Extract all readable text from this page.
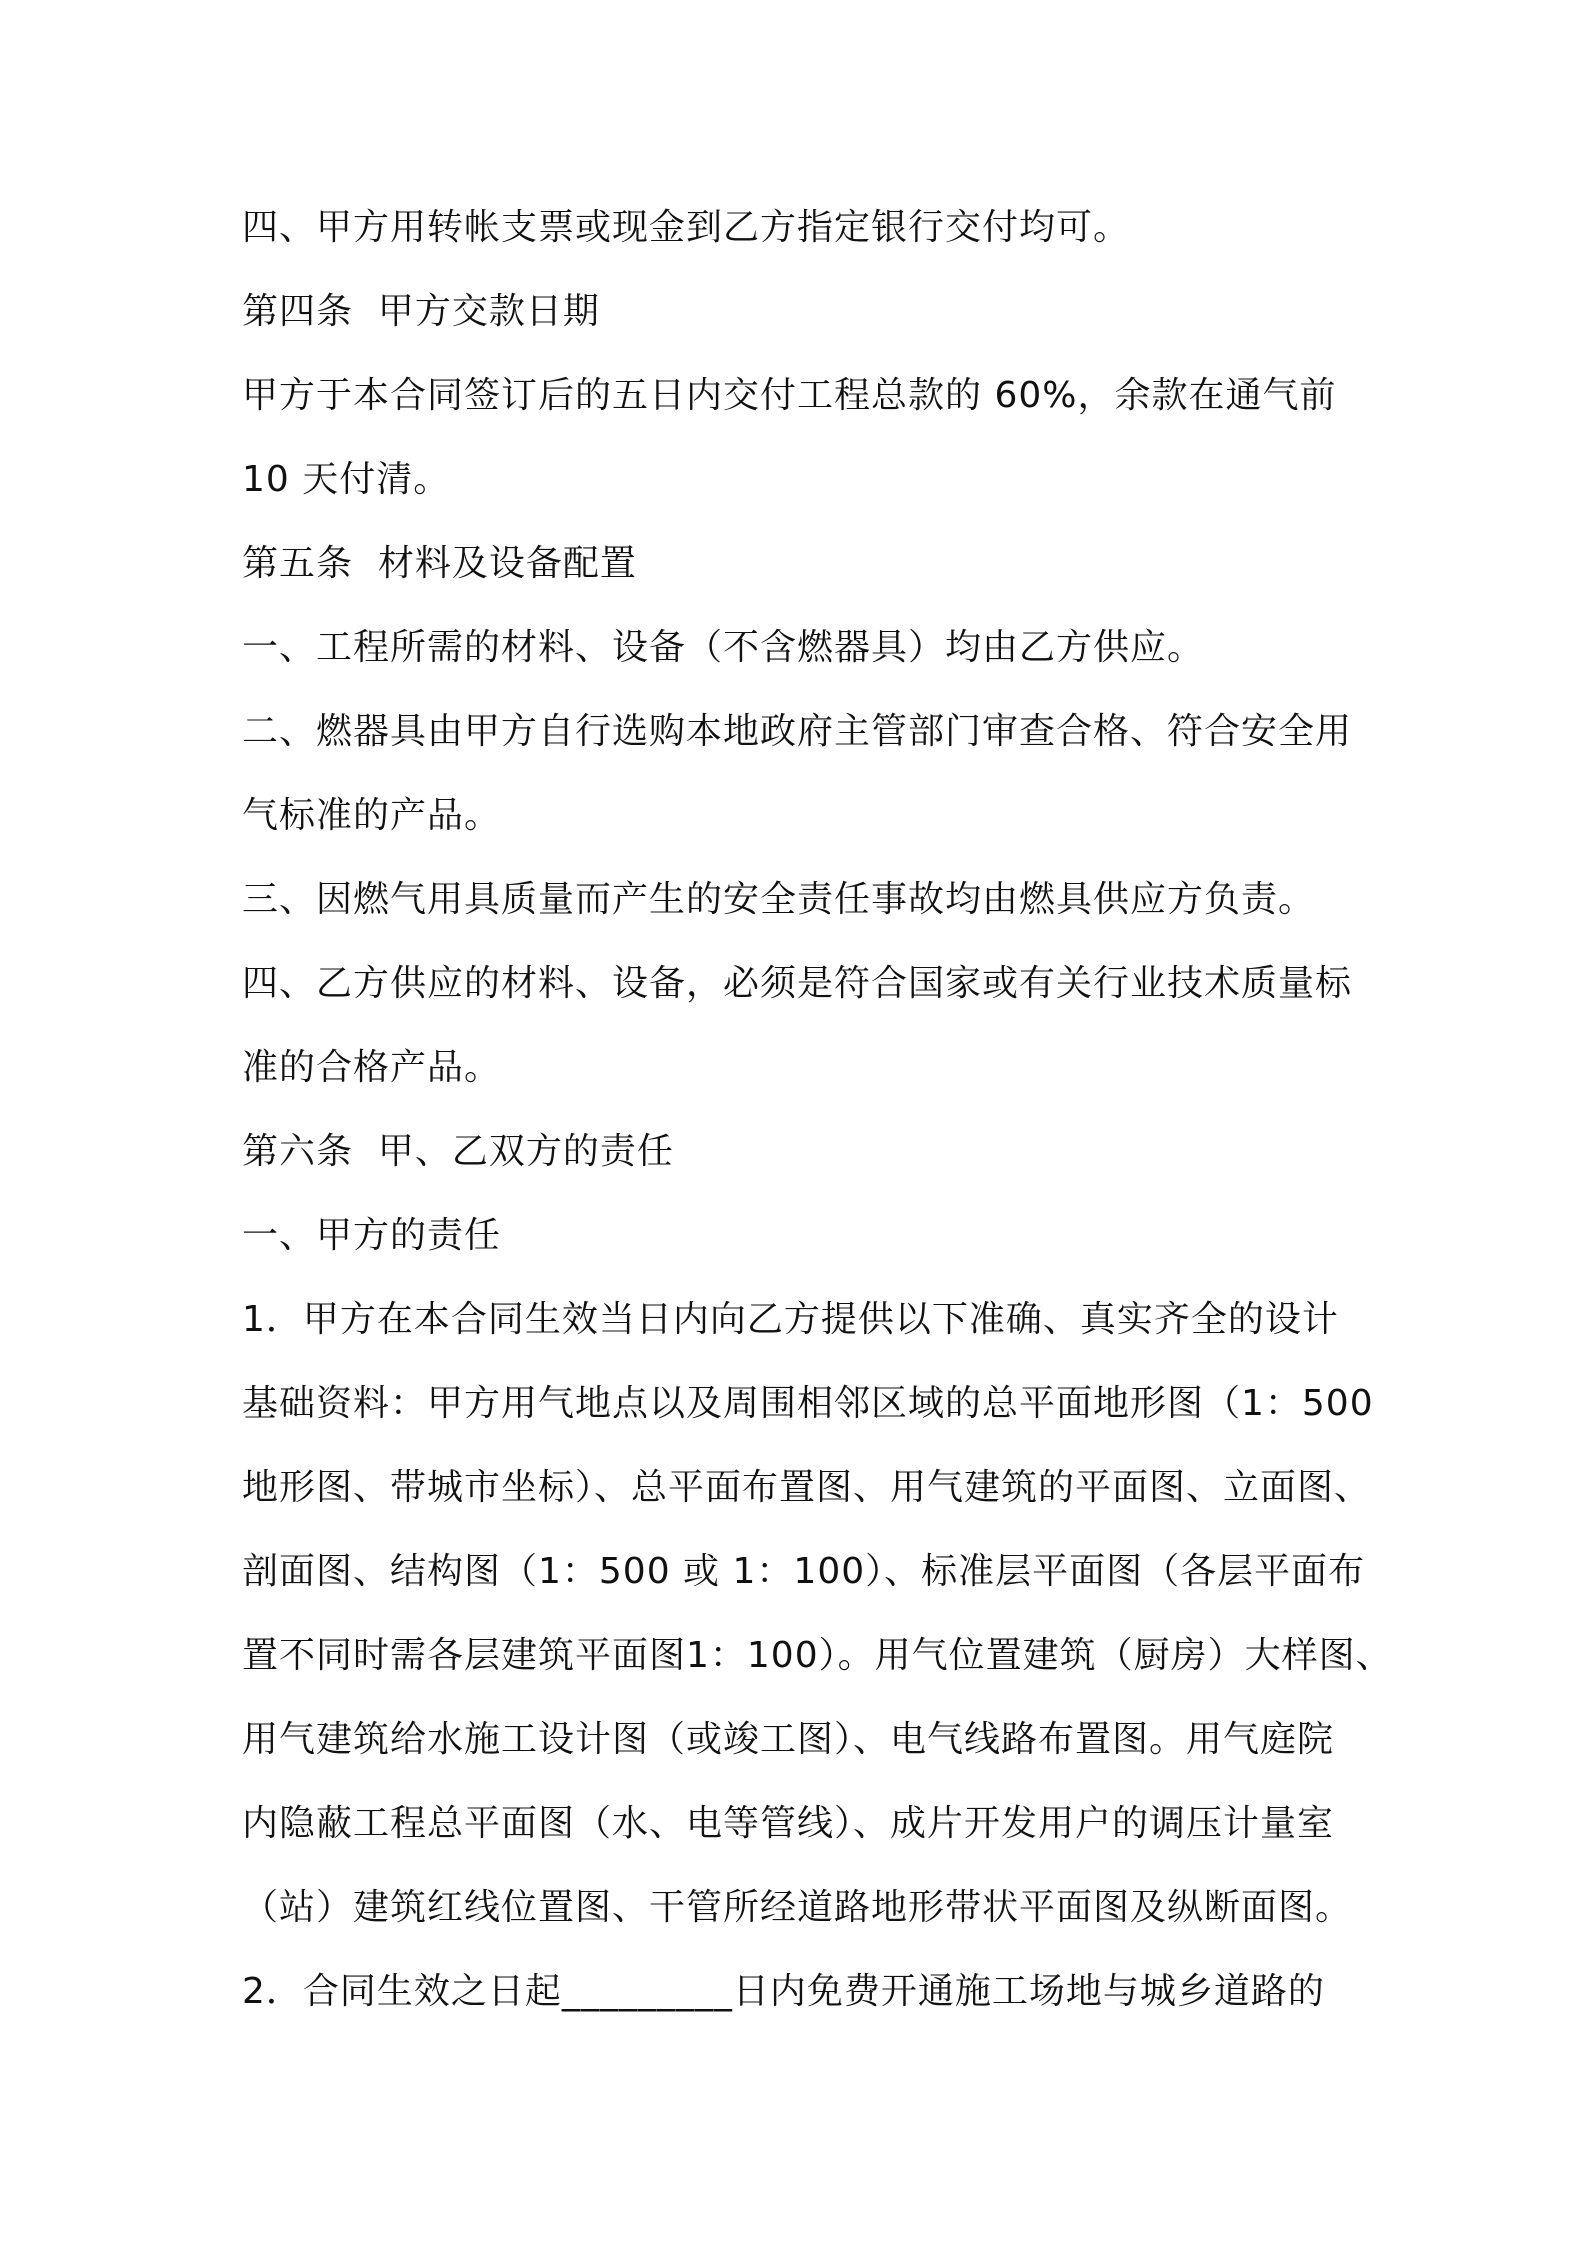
四、甲方用转帐支票或现金到乙方指定银行交付均可。
第四条  甲方交款日期
甲方于本合同签订后的五日内交付工程总款的 60%，余款在通气前
10 天付清。
第五条  材料及设备配置
一、工程所需的材料、设备（不含燃器具）均由乙方供应。
二、燃器具由甲方自行选购本地政府主管部门审查合格、符合安全用
气标准的产品。
三、因燃气用具质量而产生的安全责任事故均由燃具供应方负责。
四、乙方供应的材料、设备，必须是符合国家或有关行业技术质量标
准的合格产品。
第六条  甲、乙双方的责任
一、甲方的责任
1．甲方在本合同生效当日内向乙方提供以下准确、真实齐全的设计
基础资料：甲方用气地点以及周围相邻区域的总平面地形图（1：500
地形图、带城市坐标）、总平面布置图、用气建筑的平面图、立面图、
剖面图、结构图（1：500 或 1：100）、标准层平面图（各层平面布
置不同时需各层建筑平面图1：100）。用气位置建筑（厨房）大样图、
用气建筑给水施工设计图（或竣工图）、电气线路布置图。用气庭院
内隐蔽工程总平面图（水、电等管线）、成片开发用户的调压计量室
（站）建筑红线位置图、干管所经道路地形带状平面图及纵断面图。
2．合同生效之日起_________日内免费开通施工场地与城乡道路的
